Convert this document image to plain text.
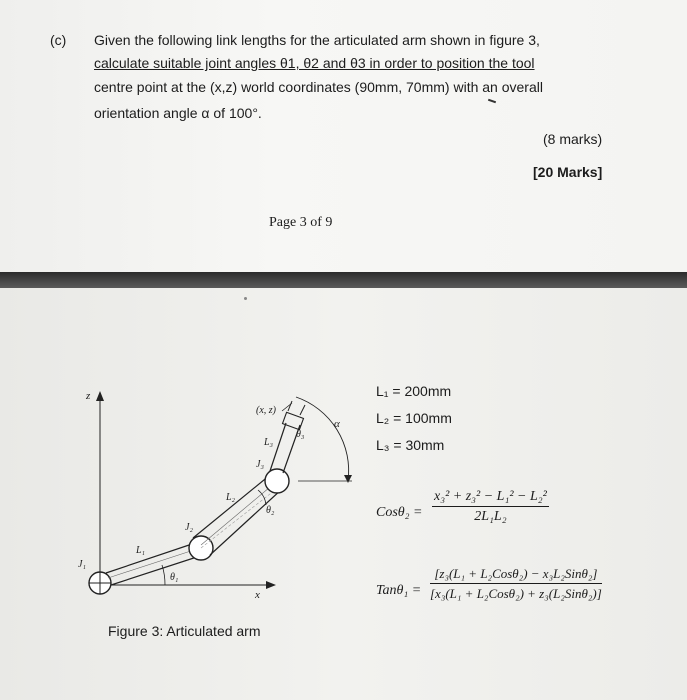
(c) Given the following link lengths for the articulated arm shown in figure 3,
calculate suitable joint angles θ1, θ2 and θ3 in order to position the tool
centre point at the (x,z) world coordinates (90mm, 70mm) with an overall
orientation angle α of 100°.
(8 marks)
[20 Marks]
Page 3 of 9
z
x
J₁
L₁
θ₁
J₂
L₂
θ₂
J₃
L₃
θ₃
(x, z)
α
Figure 3: Articulated arm
L₁ = 200mm
L₂ = 100mm
L₃ = 30mm
$Cos\theta_2 = \frac{\text{x₃² + z₃² − L₁² − L₂²}}{\text{2L₁L₂}}$
Tanθ₁ =
[z₃(L₁ + L₂Cosθ₂) − x₃L₂Sinθ₂]
[x₃(L₁ + L₂Cosθ₂) + z₃(L₂Sinθ₂)]
